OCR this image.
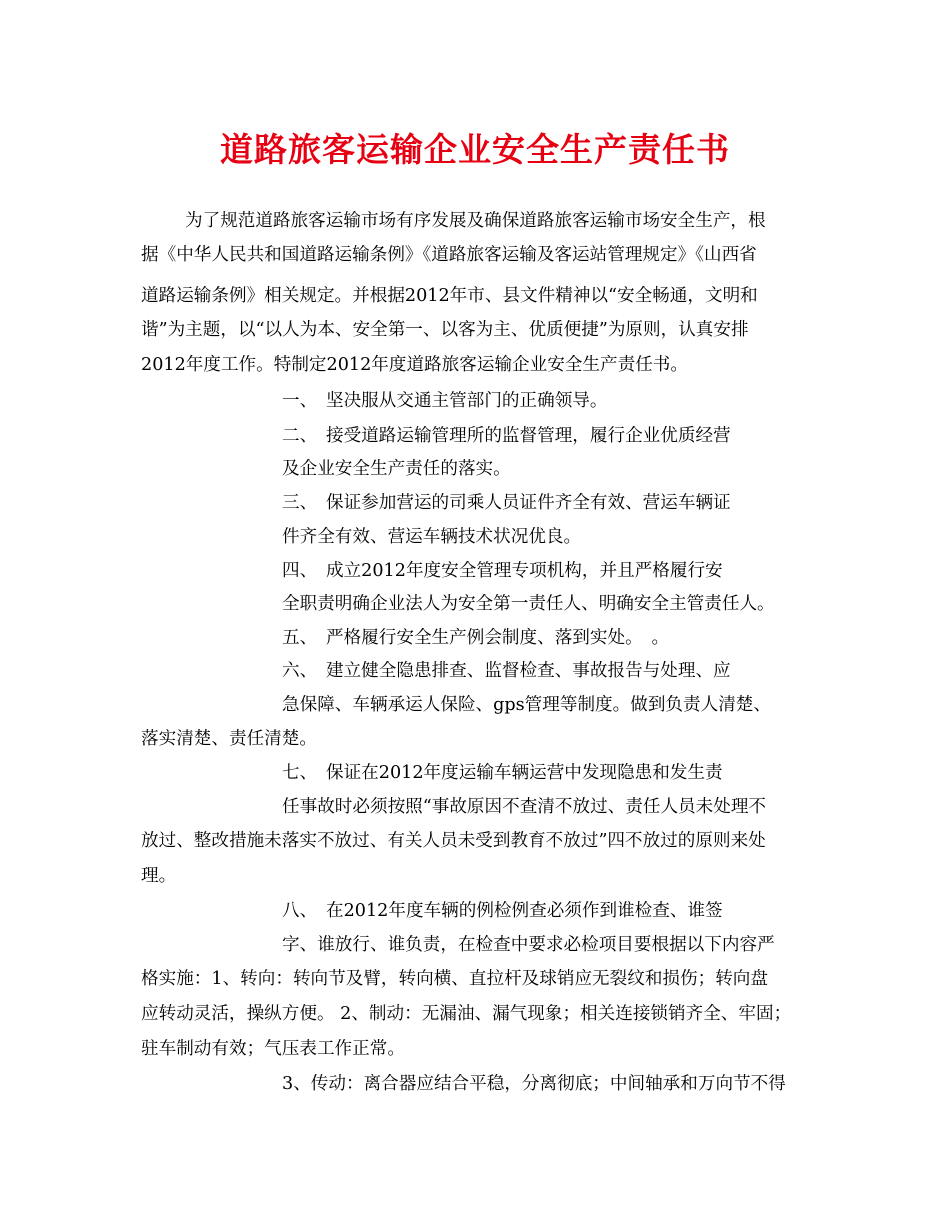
道路旅客运输企业安全生产责任书

为了规范道路旅客运输市场有序发展及确保道路旅客运输市场安全生产，根

据《中华人民共和国道路运输条例》《道路旅客运输及客运站管理规定》《山西省

道路运输条例》相关规定。并根据2012年市、县文件精神以“安全畅通，文明和

谐”为主题，以“以人为本、安全第一、以客为主、优质便捷”为原则，认真安排

2012年度工作。特制定2012年度道路旅客运输企业安全生产责任书。

一、　坚决服从交通主管部门的正确领导。

二、　接受道路运输管理所的监督管理，履行企业优质经营

及企业安全生产责任的落实。

三、　保证参加营运的司乘人员证件齐全有效、营运车辆证

件齐全有效、营运车辆技术状况优良。

四、　成立2012年度安全管理专项机构，并且严格履行安

全职责明确企业法人为安全第一责任人、明确安全主管责任人。

五、　严格履行安全生产例会制度、落到实处。　。

六、　建立健全隐患排查、监督检查、事故报告与处理、应

急保障、车辆承运人保险、gps管理等制度。做到负责人清楚、

落实清楚、责任清楚。

七、　保证在2012年度运输车辆运营中发现隐患和发生责

任事故时必须按照“事故原因不查清不放过、责任人员未处理不

放过、整改措施未落实不放过、有关人员未受到教育不放过”四不放过的原则来处

理。

八、　在2012年度车辆的例检例查必须作到谁检查、谁签

字、谁放行、谁负责，在检查中要求必检项目要根据以下内容严

格实施：1、转向：转向节及臂，转向横、直拉杆及球销应无裂纹和损伤；转向盘

应转动灵活，操纵方便。 2、制动：无漏油、漏气现象；相关连接锁销齐全、牢固；

驻车制动有效；气压表工作正常。

3、传动：离合器应结合平稳，分离彻底；中间轴承和万向节不得
